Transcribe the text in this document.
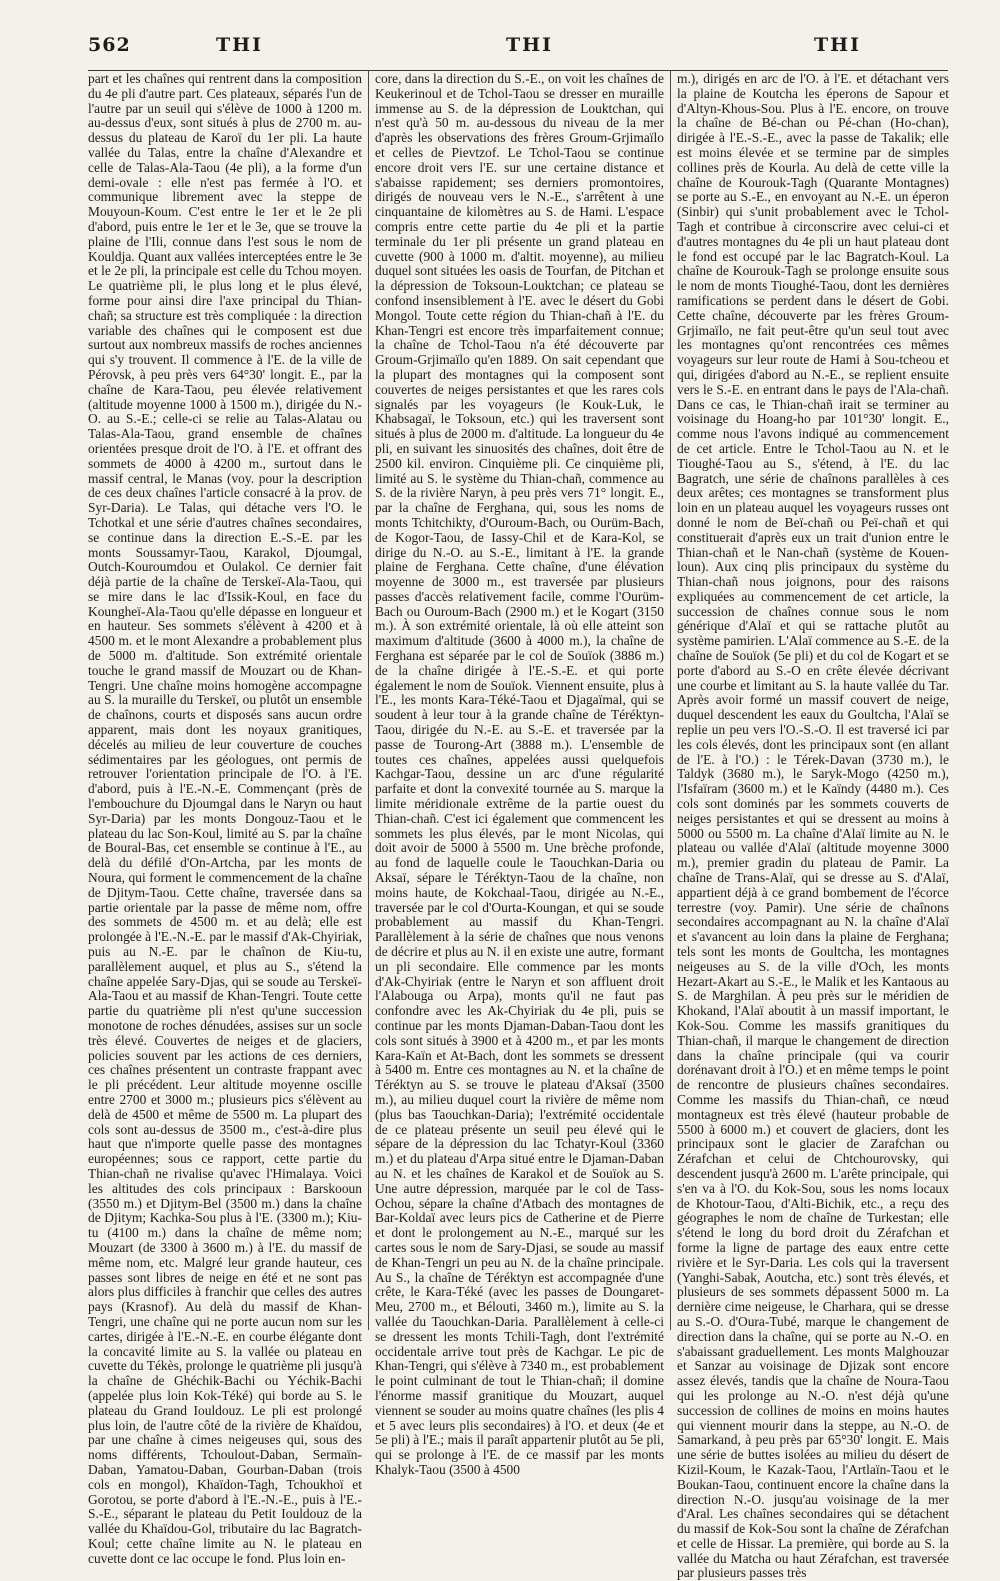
562	THI	THI	THI

part et les chaînes qui rentrent dans la composition du 4e pli d'autre part. Ces plateaux, séparés l'un de l'autre par un seuil qui s'élève de 1000 à 1200 m. au-dessus d'eux, sont situés à plus de 2700 m. au-dessus du plateau de Karoï du 1er pli. La haute vallée du Talas, entre la chaîne d'Alexandre et celle de Talas-Ala-Taou (4e pli), a la forme d'un demi-ovale : elle n'est pas fermée à l'O. et communique librement avec la steppe de Mouyoun-Koum. C'est entre le 1er et le 2e pli d'abord, puis entre le 1er et le 3e, que se trouve la plaine de l'Ili, connue dans l'est sous le nom de Kouldja. Quant aux vallées interceptées entre le 3e et le 2e pli, la principale est celle du Tchou moyen. Le quatrième pli, le plus long et le plus élevé, forme pour ainsi dire l'axe principal du Thian-chañ; sa structure est très compliquée : la direction variable des chaînes qui le composent est due surtout aux nombreux massifs de roches anciennes qui s'y trouvent. Il commence à l'E. de la ville de Pérovsk, à peu près vers 64°30' longit. E., par la chaîne de Kara-Taou, peu élevée relativement (altitude moyenne 1000 à 1500 m.), dirigée du N.-O. au S.-E.; celle-ci se relie au Talas-Alatau ou Talas-Ala-Taou, grand ensemble de chaînes orientées presque droit de l'O. à l'E. et offrant des sommets de 4000 à 4200 m., surtout dans le massif central, le Manas (voy. pour la description de ces deux chaînes l'article consacré à la prov. de Syr-Daria). Le Talas, qui détache vers l'O. le Tchotkal et une série d'autres chaînes secondaires, se continue dans la direction E.-S.-E. par les monts Soussamyr-Taou, Karakol, Djoumgal, Outch-Kouroumdou et Oulakol. Ce dernier fait déjà partie de la chaîne de Terskeï-Ala-Taou, qui se mire dans le lac d'Issik-Koul, en face du Koungheï-Ala-Taou qu'elle dépasse en longueur et en hauteur. Ses sommets s'élèvent à 4200 et à 4500 m. et le mont Alexandre a probablement plus de 5000 m. d'altitude. Son extrémité orientale touche le grand massif de Mouzart ou de Khan-Tengri. Une chaîne moins homogène accompagne au S. la muraille du Terskeï, ou plutôt un ensemble de chaînons, courts et disposés sans aucun ordre apparent, mais dont les noyaux granitiques, décelés au milieu de leur couverture de couches sédimentaires par les géologues, ont permis de retrouver l'orientation principale de l'O. à l'E. d'abord, puis à l'E.-N.-E. Commençant (près de l'embouchure du Djoumgal dans le Naryn ou haut Syr-Daria) par les monts Dongouz-Taou et le plateau du lac Son-Koul, limité au S. par la chaîne de Boural-Bas, cet ensemble se continue à l'E., au delà du défilé d'On-Artcha, par les monts de Noura, qui forment le commencement de la chaîne de Djitym-Taou. Cette chaîne, traversée dans sa partie orientale par la passe de même nom, offre des sommets de 4500 m. et au delà; elle est prolongée à l'E.-N.-E. par le massif d'Ak-Chyiriak, puis au N.-E. par le chaînon de Kiu-tu, parallèlement auquel, et plus au S., s'étend la chaîne appelée Sary-Djas, qui se soude au Terskeï-Ala-Taou et au massif de Khan-Tengri. Toute cette partie du quatrième pli n'est qu'une succession monotone de roches dénudées, assises sur un socle très élevé. Couvertes de neiges et de glaciers, policies souvent par les actions de ces derniers, ces chaînes présentent un contraste frappant avec le pli précédent. Leur altitude moyenne oscille entre 2700 et 3000 m.; plusieurs pics s'élèvent au delà de 4500 et même de 5500 m. La plupart des cols sont au-dessus de 3500 m., c'est-à-dire plus haut que n'importe quelle passe des montagnes européennes; sous ce rapport, cette partie du Thian-chañ ne rivalise qu'avec l'Himalaya. Voici les altitudes des cols principaux : Barskooun (3550 m.) et Djitym-Bel (3500 m.) dans la chaîne de Djitym; Kachka-Sou plus à l'E. (3300 m.); Kiu-tu (4100 m.) dans la chaîne de même nom; Mouzart (de 3300 à 3600 m.) à l'E. du massif de même nom, etc. Malgré leur grande hauteur, ces passes sont libres de neige en été et ne sont pas alors plus difficiles à franchir que celles des autres pays (Krasnof). Au delà du massif de Khan-Tengri, une chaîne qui ne porte aucun nom sur les cartes, dirigée à l'E.-N.-E. en courbe élégante dont la concavité limite au S. la vallée ou plateau en cuvette du Tékès, prolonge le quatrième pli jusqu'à la chaîne de Ghéchik-Bachi ou Yéchik-Bachi (appelée plus loin Kok-Téké) qui borde au S. le plateau du Grand Iouldouz. Le pli est prolongé plus loin, de l'autre côté de la rivière de Khaïdou, par une chaîne à cimes neigeuses qui, sous des noms différents, Tchoulout-Daban, Sermaïn-Daban, Yamatou-Daban, Gourban-Daban (trois cols en mongol), Khaïdon-Tagh, Tchoukhoï et Gorotou, se porte d'abord à l'E.-N.-E., puis à l'E.-S.-E., séparant le plateau du Petit Iouldouz de la vallée du Khaïdou-Gol, tributaire du lac Bagratch-Koul; cette chaîne limite au N. le plateau en cuvette dont ce lac occupe le fond. Plus loin en-

core, dans la direction du S.-E., on voit les chaînes de Keukerinoul et de Tchol-Taou se dresser en muraille immense au S. de la dépression de Louktchan, qui n'est qu'à 50 m. au-dessous du niveau de la mer d'après les observations des frères Groum-Grjimaïlo et celles de Pievtzof. Le Tchol-Taou se continue encore droit vers l'E. sur une certaine distance et s'abaisse rapidement; ses derniers promontoires, dirigés de nouveau vers le N.-E., s'arrêtent à une cinquantaine de kilomètres au S. de Hami. L'espace compris entre cette partie du 4e pli et la partie terminale du 1er pli présente un grand plateau en cuvette (900 à 1000 m. d'altit. moyenne), au milieu duquel sont situées les oasis de Tourfan, de Pitchan et la dépression de Toksoun-Louktchan; ce plateau se confond insensiblement à l'E. avec le désert du Gobi Mongol. Toute cette région du Thian-chañ à l'E. du Khan-Tengri est encore très imparfaitement connue; la chaîne de Tchol-Taou n'a été découverte par Groum-Grjimaïlo qu'en 1889. On sait cependant que la plupart des montagnes qui la composent sont couvertes de neiges persistantes et que les rares cols signalés par les voyageurs (le Kouk-Luk, le Khabsagaï, le Toksoun, etc.) qui les traversent sont situés à plus de 2000 m. d'altitude. La longueur du 4e pli, en suivant les sinuosités des chaînes, doit être de 2500 kil. environ. Cinquième pli. Ce cinquième pli, limité au S. le système du Thian-chañ, commence au S. de la rivière Naryn, à peu près vers 71° longit. E., par la chaîne de Ferghana, qui, sous les noms de monts Tchitchikty, d'Ouroum-Bach, ou Ourüm-Bach, de Kogor-Taou, de Iassy-Chil et de Kara-Kol, se dirige du N.-O. au S.-E., limitant à l'E. la grande plaine de Ferghana. Cette chaîne, d'une élévation moyenne de 3000 m., est traversée par plusieurs passes d'accès relativement facile, comme l'Ourüm-Bach ou Ouroum-Bach (2900 m.) et le Kogart (3150 m.). À son extrémité orientale, là où elle atteint son maximum d'altitude (3600 à 4000 m.), la chaîne de Ferghana est séparée par le col de Souïok (3886 m.) de la chaîne dirigée à l'E.-S.-E. et qui porte également le nom de Souïok. Viennent ensuite, plus à l'E., les monts Kara-Téké-Taou et Djagaïmal, qui se soudent à leur tour à la grande chaîne de Téréktyn-Taou, dirigée du N.-E. au S.-E. et traversée par la passe de Tourong-Art (3888 m.). L'ensemble de toutes ces chaînes, appelées aussi quelquefois Kachgar-Taou, dessine un arc d'une régularité parfaite et dont la convexité tournée au S. marque la limite méridionale extrême de la partie ouest du Thian-chañ. C'est ici également que commencent les sommets les plus élevés, par le mont Nicolas, qui doit avoir de 5000 à 5500 m. Une brèche profonde, au fond de laquelle coule le Taouchkan-Daria ou Aksaï, sépare le Téréktyn-Taou de la chaîne, non moins haute, de Kokchaal-Taou, dirigée au N.-E., traversée par le col d'Ourta-Koungan, et qui se soude probablement au massif du Khan-Tengri. Parallèlement à la série de chaînes que nous venons de décrire et plus au N. il en existe une autre, formant un pli secondaire. Elle commence par les monts d'Ak-Chyiriak (entre le Naryn et son affluent droit l'Alabouga ou Arpa), monts qu'il ne faut pas confondre avec les Ak-Chyiriak du 4e pli, puis se continue par les monts Djaman-Daban-Taou dont les cols sont situés à 3900 et à 4200 m., et par les monts Kara-Kaïn et At-Bach, dont les sommets se dressent à 5400 m. Entre ces montagnes au N. et la chaîne de Téréktyn au S. se trouve le plateau d'Aksaï (3500 m.), au milieu duquel court la rivière de même nom (plus bas Taouchkan-Daria); l'extrémité occidentale de ce plateau présente un seuil peu élevé qui le sépare de la dépression du lac Tchatyr-Koul (3360 m.) et du plateau d'Arpa situé entre le Djaman-Daban au N. et les chaînes de Karakol et de Souïok au S. Une autre dépression, marquée par le col de Tass-Ochou, sépare la chaîne d'Atbach des montagnes de Bar-Koldaï avec leurs pics de Catherine et de Pierre et dont le prolongement au N.-E., marqué sur les cartes sous le nom de Sary-Djasi, se soude au massif de Khan-Tengri un peu au N. de la chaîne principale. Au S., la chaîne de Téréktyn est accompagnée d'une crête, le Kara-Téké (avec les passes de Doungaret-Meu, 2700 m., et Bélouti, 3460 m.), limite au S. la vallée du Taouchkan-Daria. Parallèlement à celle-ci se dressent les monts Tchili-Tagh, dont l'extrémité occidentale arrive tout près de Kachgar. Le pic de Khan-Tengri, qui s'élève à 7340 m., est probablement le point culminant de tout le Thian-chañ; il domine l'énorme massif granitique du Mouzart, auquel viennent se souder au moins quatre chaînes (les plis 4 et 5 avec leurs plis secondaires) à l'O. et deux (4e et 5e pli) à l'E.; mais il paraît appartenir plutôt au 5e pli, qui se prolonge à l'E. de ce massif par les monts Khalyk-Taou (3500 à 4500

m.), dirigés en arc de l'O. à l'E. et détachant vers la plaine de Koutcha les éperons de Sapour et d'Altyn-Khous-Sou. Plus à l'E. encore, on trouve la chaîne de Bé-chan ou Pé-chan (Ho-chan), dirigée à l'E.-S.-E., avec la passe de Takalik; elle est moins élevée et se termine par de simples collines près de Kourla. Au delà de cette ville la chaîne de Kourouk-Tagh (Quarante Montagnes) se porte au S.-E., en envoyant au N.-E. un éperon (Sinbir) qui s'unit probablement avec le Tchol-Tagh et contribue à circonscrire avec celui-ci et d'autres montagnes du 4e pli un haut plateau dont le fond est occupé par le lac Bagratch-Koul. La chaîne de Kourouk-Tagh se prolonge ensuite sous le nom de monts Tioughé-Taou, dont les dernières ramifications se perdent dans le désert de Gobi. Cette chaîne, découverte par les frères Groum-Grjimaïlo, ne fait peut-être qu'un seul tout avec les montagnes qu'ont rencontrées ces mêmes voyageurs sur leur route de Hami à Sou-tcheou et qui, dirigées d'abord au N.-E., se replient ensuite vers le S.-E. en entrant dans le pays de l'Ala-chañ. Dans ce cas, le Thian-chañ irait se terminer au voisinage du Hoang-ho par 101°30' longit. E., comme nous l'avons indiqué au commencement de cet article. Entre le Tchol-Taou au N. et le Tioughé-Taou au S., s'étend, à l'E. du lac Bagratch, une série de chaînons parallèles à ces deux arêtes; ces montagnes se transforment plus loin en un plateau auquel les voyageurs russes ont donné le nom de Beï-chañ ou Peï-chañ et qui constituerait d'après eux un trait d'union entre le Thian-chañ et le Nan-chañ (système de Kouen-loun). Aux cinq plis principaux du système du Thian-chañ nous joignons, pour des raisons expliquées au commencement de cet article, la succession de chaînes connue sous le nom générique d'Alaï et qui se rattache plutôt au système pamirien. L'Alaï commence au S.-E. de la chaîne de Souïok (5e pli) et du col de Kogart et se porte d'abord au S.-O en crête élevée décrivant une courbe et limitant au S. la haute vallée du Tar. Après avoir formé un massif couvert de neige, duquel descendent les eaux du Goultcha, l'Alaï se replie un peu vers l'O.-S.-O. Il est traversé ici par les cols élevés, dont les principaux sont (en allant de l'E. à l'O.) : le Térek-Davan (3730 m.), le Taldyk (3680 m.), le Saryk-Mogo (4250 m.), l'Isfaïram (3600 m.) et le Kaïndy (4480 m.). Ces cols sont dominés par les sommets couverts de neiges persistantes et qui se dressent au moins à 5000 ou 5500 m. La chaîne d'Alaï limite au N. le plateau ou vallée d'Alaï (altitude moyenne 3000 m.), premier gradin du plateau de Pamir. La chaîne de Trans-Alaï, qui se dresse au S. d'Alaï, appartient déjà à ce grand bombement de l'écorce terrestre (voy. Pamir). Une série de chaînons secondaires accompagnant au N. la chaîne d'Alaï et s'avancent au loin dans la plaine de Ferghana; tels sont les monts de Goultcha, les montagnes neigeuses au S. de la ville d'Och, les monts Hezart-Akart au S.-E., le Malik et les Kantaous au S. de Marghilan. À peu près sur le méridien de Khokand, l'Alaï aboutit à un massif important, le Kok-Sou. Comme les massifs granitiques du Thian-chañ, il marque le changement de direction dans la chaîne principale (qui va courir dorénavant droit à l'O.) et en même temps le point de rencontre de plusieurs chaînes secondaires. Comme les massifs du Thian-chañ, ce nœud montagneux est très élevé (hauteur probable de 5500 à 6000 m.) et couvert de glaciers, dont les principaux sont le glacier de Zarafchan ou Zérafchan et celui de Chtchourovsky, qui descendent jusqu'à 2600 m. L'arête principale, qui s'en va à l'O. du Kok-Sou, sous les noms locaux de Khotour-Taou, d'Alti-Bichik, etc., a reçu des géographes le nom de chaîne de Turkestan; elle s'étend le long du bord droit du Zérafchan et forme la ligne de partage des eaux entre cette rivière et le Syr-Daria. Les cols qui la traversent (Yanghi-Sabak, Aoutcha, etc.) sont très élevés, et plusieurs de ses sommets dépassent 5000 m. La dernière cime neigeuse, le Charhara, qui se dresse au S.-O. d'Oura-Tubé, marque le changement de direction dans la chaîne, qui se porte au N.-O. en s'abaissant graduellement. Les monts Malghouzar et Sanzar au voisinage de Djizak sont encore assez élevés, tandis que la chaîne de Noura-Taou qui les prolonge au N.-O. n'est déjà qu'une succession de collines de moins en moins hautes qui viennent mourir dans la steppe, au N.-O. de Samarkand, à peu près par 65°30' longit. E. Mais une série de buttes isolées au milieu du désert de Kizil-Koum, le Kazak-Taou, l'Artlaïn-Taou et le Boukan-Taou, continuent encore la chaîne dans la direction N.-O. jusqu'au voisinage de la mer d'Aral. Les chaînes secondaires qui se détachent du massif de Kok-Sou sont la chaîne de Zérafchan et celle de Hissar. La première, qui borde au S. la vallée du Matcha ou haut Zérafchan, est traversée par plusieurs passes très
